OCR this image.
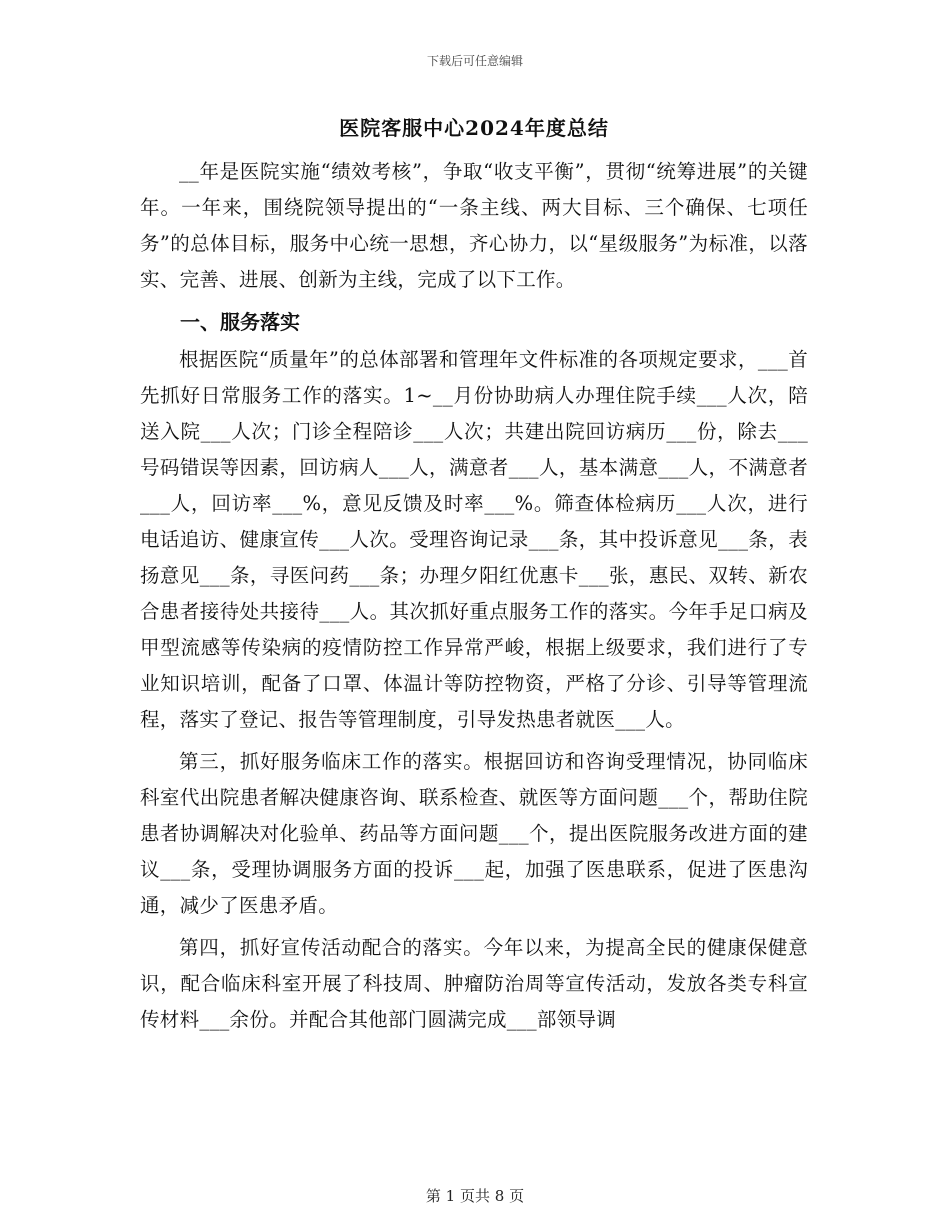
下载后可任意编辑
医院客服中心2024年度总结

__年是医院实施“绩效考核”，争取“收支平衡”，贯彻“统筹进展”的关键年。一年来，围绕院领导提出的“一条主线、两大目标、三个确保、七项任务”的总体目标，服务中心统一思想，齐心协力，以“星级服务”为标准，以落实、完善、进展、创新为主线，完成了以下工作。

一、服务落实

根据医院“质量年”的总体部署和管理年文件标准的各项规定要求，___首先抓好日常服务工作的落实。1~__月份协助病人办理住院手续___人次，陪送入院___人次；门诊全程陪诊___人次；共建出院回访病历___份，除去___号码错误等因素，回访病人___人，满意者___人，基本满意___人，不满意者___人，回访率___%，意见反馈及时率___%。筛查体检病历___人次，进行电话追访、健康宣传___人次。受理咨询记录___条，其中投诉意见___条，表扬意见___条，寻医问药___条；办理夕阳红优惠卡___张，惠民、双转、新农合患者接待处共接待___人。其次抓好重点服务工作的落实。今年手足口病及甲型流感等传染病的疫情防控工作异常严峻，根据上级要求，我们进行了专业知识培训，配备了口罩、体温计等防控物资，严格了分诊、引导等管理流程，落实了登记、报告等管理制度，引导发热患者就医___人。

第三，抓好服务临床工作的落实。根据回访和咨询受理情况，协同临床科室代出院患者解决健康咨询、联系检查、就医等方面问题___个，帮助住院患者协调解决对化验单、药品等方面问题___个，提出医院服务改进方面的建议___条，受理协调服务方面的投诉___起，加强了医患联系，促进了医患沟通，减少了医患矛盾。

第四，抓好宣传活动配合的落实。今年以来，为提高全民的健康保健意识，配合临床科室开展了科技周、肿瘤防治周等宣传活动，发放各类专科宣传材料___余份。并配合其他部门圆满完成___部领导调

第 1 页共 8 页
